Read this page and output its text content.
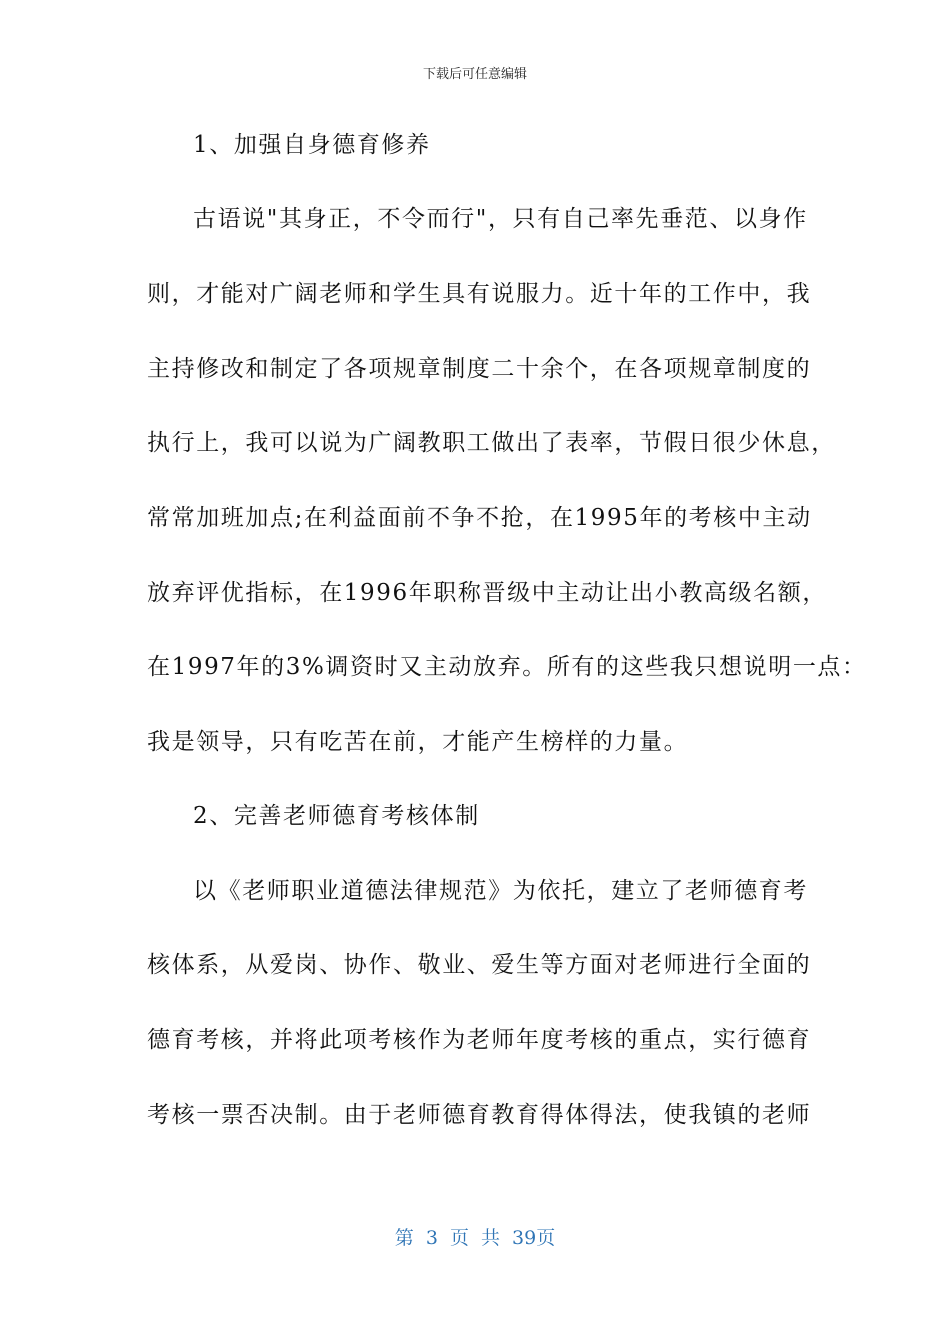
下载后可任意编辑
1、加强自身德育修养
古语说"其身正，不令而行"，只有自己率先垂范、以身作
则，才能对广阔老师和学生具有说服力。近十年的工作中，我
主持修改和制定了各项规章制度二十余个，在各项规章制度的
执行上，我可以说为广阔教职工做出了表率，节假日很少休息，
常常加班加点;在利益面前不争不抢，在1995年的考核中主动
放弃评优指标，在1996年职称晋级中主动让出小教高级名额，
在1997年的3%调资时又主动放弃。所有的这些我只想说明一点：
我是领导，只有吃苦在前，才能产生榜样的力量。
2、完善老师德育考核体制
以《老师职业道德法律规范》为依托，建立了老师德育考
核体系，从爱岗、协作、敬业、爱生等方面对老师进行全面的
德育考核，并将此项考核作为老师年度考核的重点，实行德育
考核一票否决制。由于老师德育教育得体得法，使我镇的老师
第 3 页 共 39页
